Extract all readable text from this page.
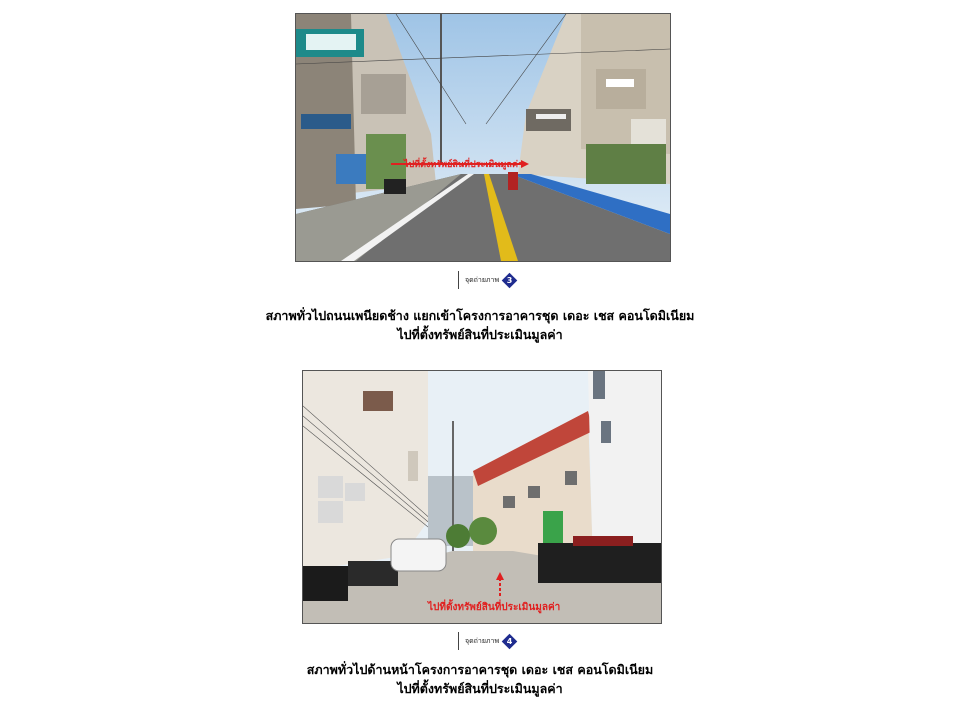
ไปที่ตั้งทรัพย์สินที่ประเมินมูลค่า
จุดถ่ายภาพ 3
สภาพทั่วไปถนนเพนียดช้าง แยกเข้าโครงการอาคารชุด เดอะ เชส คอนโดมิเนียม
ไปที่ตั้งทรัพย์สินที่ประเมินมูลค่า
ไปที่ตั้งทรัพย์สินที่ประเมินมูลค่า
จุดถ่ายภาพ 4
สภาพทั่วไปด้านหน้าโครงการอาคารชุด เดอะ เชส คอนโดมิเนียม
ไปที่ตั้งทรัพย์สินที่ประเมินมูลค่า
